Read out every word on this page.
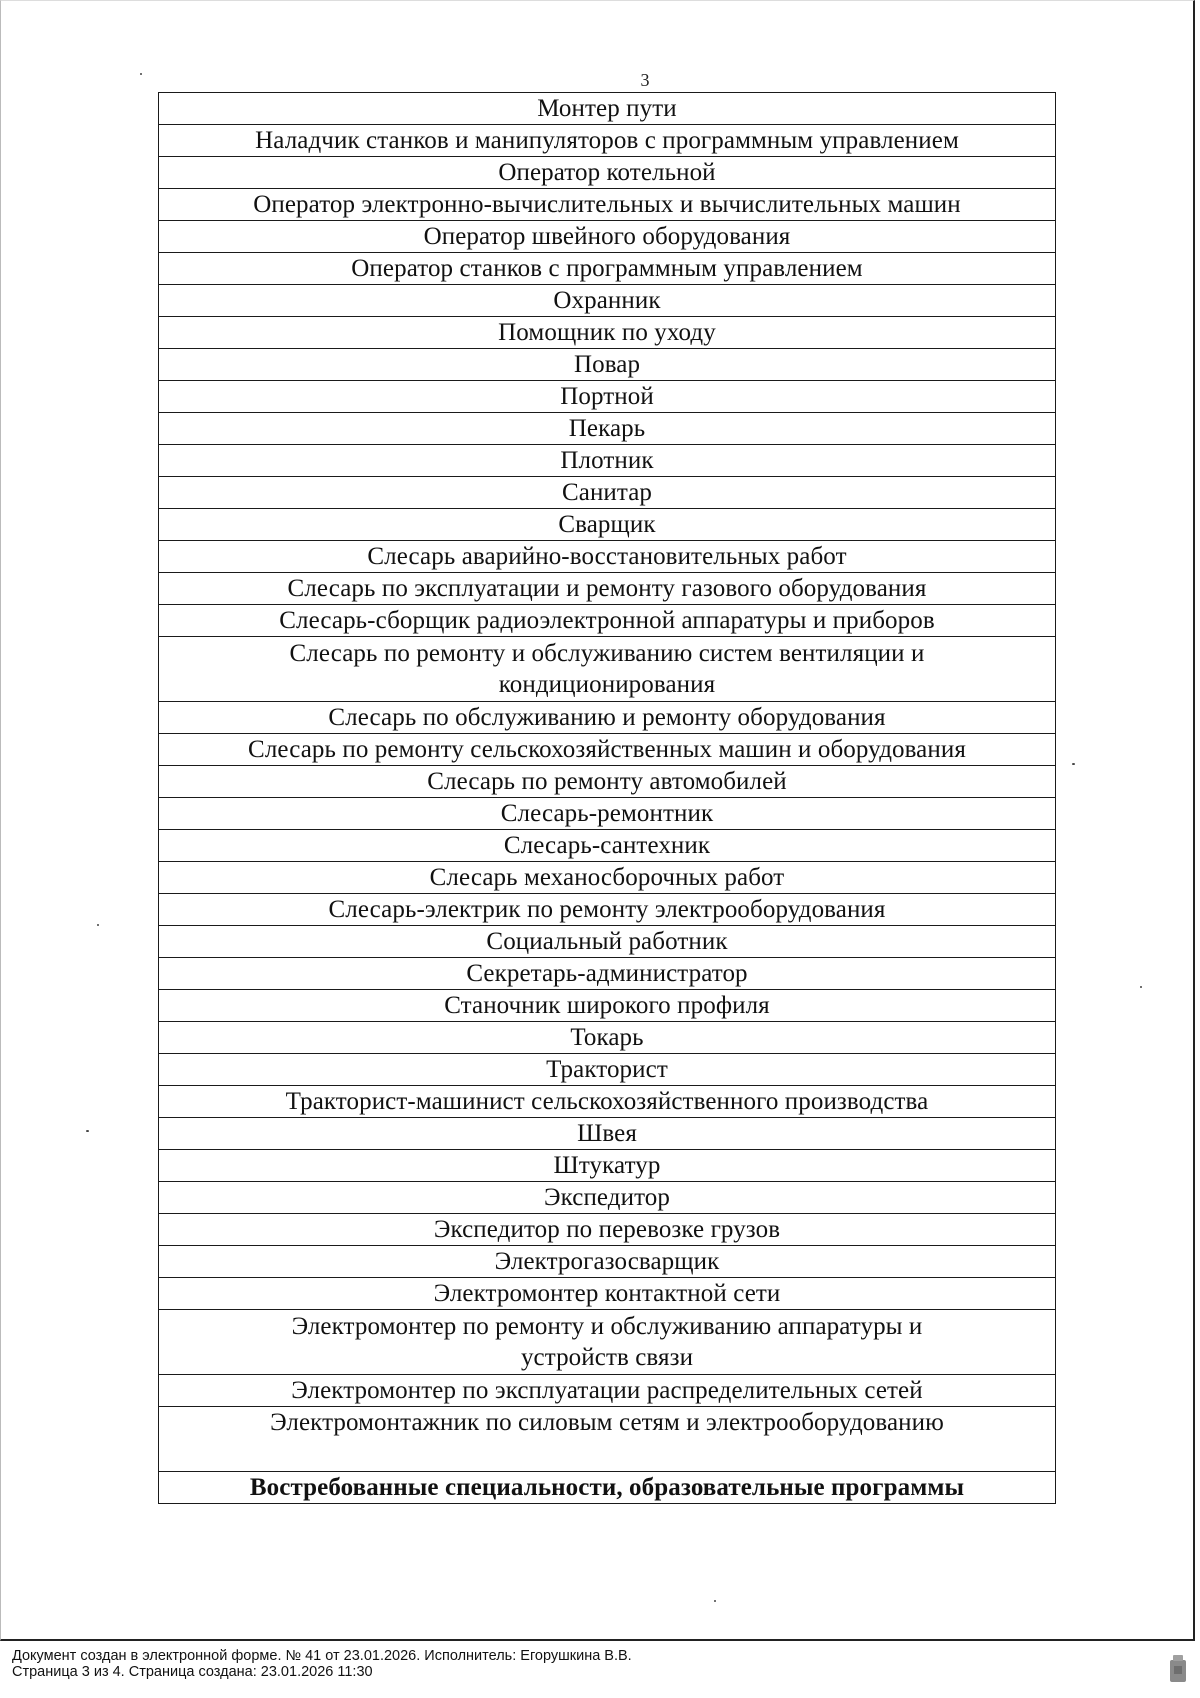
3
Монтер пути
Наладчик станков и манипуляторов с программным управлением
Оператор котельной
Оператор электронно-вычислительных и вычислительных машин
Оператор швейного оборудования
Оператор станков с программным управлением
Охранник
Помощник по уходу
Повар
Портной
Пекарь
Плотник
Санитар
Сварщик
Слесарь аварийно-восстановительных работ
Слесарь по эксплуатации и ремонту газового оборудования
Слесарь-сборщик радиоэлектронной аппаратуры и приборов
Слесарь по ремонту и обслуживанию систем вентиляции и кондиционирования
Слесарь по обслуживанию и ремонту оборудования
Слесарь по ремонту сельскохозяйственных машин и оборудования
Слесарь по ремонту автомобилей
Слесарь-ремонтник
Слесарь-сантехник
Слесарь механосборочных работ
Слесарь-электрик по ремонту электрооборудования
Социальный работник
Секретарь-администратор
Станочник широкого профиля
Токарь
Тракторист
Тракторист-машинист сельскохозяйственного производства
Швея
Штукатур
Экспедитор
Экспедитор по перевозке грузов
Электрогазосварщик
Электромонтер контактной сети
Электромонтер по ремонту и обслуживанию аппаратуры и устройств связи
Электромонтер по эксплуатации распределительных сетей
Электромонтажник по силовым сетям и электрооборудованию
Востребованные специальности, образовательные программы
Документ создан в электронной форме. № 41 от 23.01.2026. Исполнитель: Егорушкина В.В.
Страница 3 из 4. Страница создана: 23.01.2026 11:30
